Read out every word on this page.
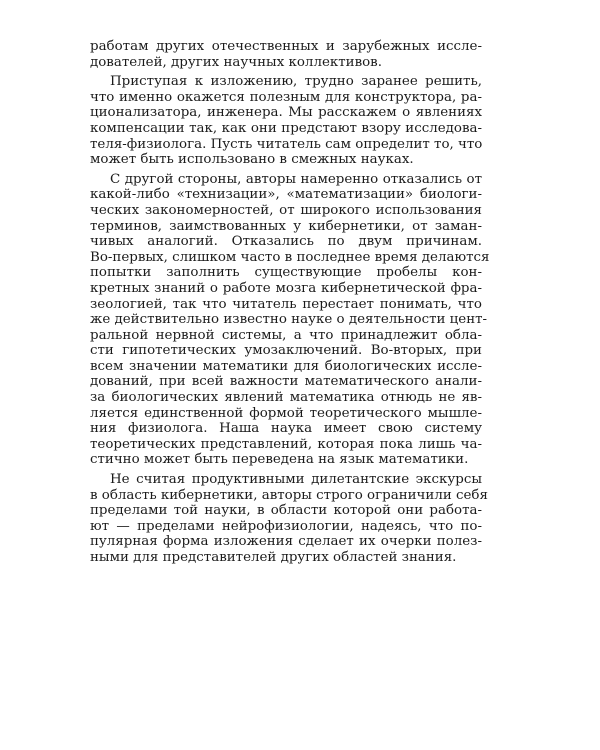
работам других отечественных и зарубежных иссле-
дователей, других научных коллективов.

Приступая к изложению, трудно заранее решить,
что именно окажется полезным для конструктора, ра-
ционализатора, инженера. Мы расскажем о явлениях
компенсации так, как они предстают взору исследова-
теля-физиолога. Пусть читатель сам определит то, что
может быть использовано в смежных науках.

С другой стороны, авторы намеренно отказались от
какой-либо «технизации», «математизации» биологи-
ческих закономерностей, от широкого использования
терминов, заимствованных у кибернетики, от заман-
чивых аналогий. Отказались по двум причинам.
Во-первых, слишком часто в последнее время делаются
попытки заполнить существующие пробелы кон-
кретных знаний о работе мозга кибернетической фра-
зеологией, так что читатель перестает понимать, что
же действительно известно науке о деятельности цент-
ральной нервной системы, а что принадлежит обла-
сти гипотетических умозаключений. Во-вторых, при
всем значении математики для биологических иссле-
дований, при всей важности математического анали-
за биологических явлений математика отнюдь не яв-
ляется единственной формой теоретического мышле-
ния физиолога. Наша наука имеет свою систему
теоретических представлений, которая пока лишь ча-
стично может быть переведена на язык математики.

Не считая продуктивными дилетантские экскурсы
в область кибернетики, авторы строго ограничили себя
пределами той науки, в области которой они работа-
ют — пределами нейрофизиологии, надеясь, что по-
пулярная форма изложения сделает их очерки полез-
ными для представителей других областей знания.
